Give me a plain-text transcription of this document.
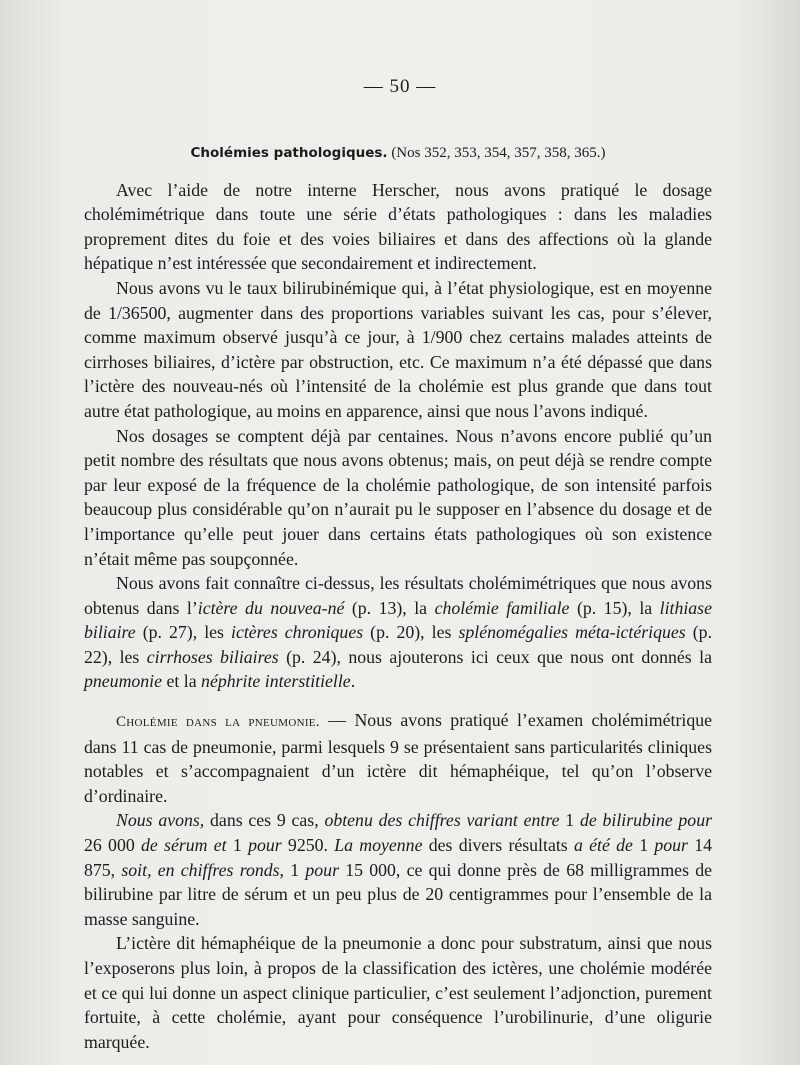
— 50 —
Cholémies pathologiques. (Nos 352, 353, 354, 357, 358, 365.)

Avec l’aide de notre interne Herscher, nous avons pratiqué le dosage cholémimétrique dans toute une série d’états pathologiques : dans les maladies proprement dites du foie et des voies biliaires et dans des affections où la glande hépatique n’est intéressée que secondairement et indirectement.

Nous avons vu le taux bilirubinémique qui, à l’état physiologique, est en moyenne de 1/36500, augmenter dans des proportions variables suivant les cas, pour s’élever, comme maximum observé jusqu’à ce jour, à 1/900 chez certains malades atteints de cirrhoses biliaires, d’ictère par obstruction, etc. Ce maximum n’a été dépassé que dans l’ictère des nouveau-nés où l’intensité de la cholémie est plus grande que dans tout autre état pathologique, au moins en apparence, ainsi que nous l’avons indiqué.

Nos dosages se comptent déjà par centaines. Nous n’avons encore publié qu’un petit nombre des résultats que nous avons obtenus; mais, on peut déjà se rendre compte par leur exposé de la fréquence de la cholémie pathologique, de son intensité parfois beaucoup plus considérable qu’on n’aurait pu le supposer en l’absence du dosage et de l’importance qu’elle peut jouer dans certains états pathologiques où son existence n’était même pas soupçonnée.

Nous avons fait connaître ci-dessus, les résultats cholémimétriques que nous avons obtenus dans l’ictère du nouvea-né (p. 13), la cholémie familiale (p. 15), la lithiase biliaire (p. 27), les ictères chroniques (p. 20), les splénomégalies méta-ictériques (p. 22), les cirrhoses biliaires (p. 24), nous ajouterons ici ceux que nous ont donnés la pneumonie et la néphrite interstitielle.

Cholémie dans la pneumonie. — Nous avons pratiqué l’examen cholémimétrique dans 11 cas de pneumonie, parmi lesquels 9 se présentaient sans particularités cliniques notables et s’accompagnaient d’un ictère dit hémaphéique, tel qu’on l’observe d’ordinaire.

Nous avons, dans ces 9 cas, obtenu des chiffres variant entre 1 de bilirubine pour 26 000 de sérum et 1 pour 9250. La moyenne des divers résultats a été de 1 pour 14 875, soit, en chiffres ronds, 1 pour 15 000, ce qui donne près de 68 milligrammes de bilirubine par litre de sérum et un peu plus de 20 centigrammes pour l’ensemble de la masse sanguine.

L’ictère dit hémaphéique de la pneumonie a donc pour substratum, ainsi que nous l’exposerons plus loin, à propos de la classification des ictères, une cholémie modérée et ce qui lui donne un aspect clinique particulier, c’est seulement l’adjonction, purement fortuite, à cette cholémie, ayant pour conséquence l’urobilinurie, d’une oligurie marquée.
